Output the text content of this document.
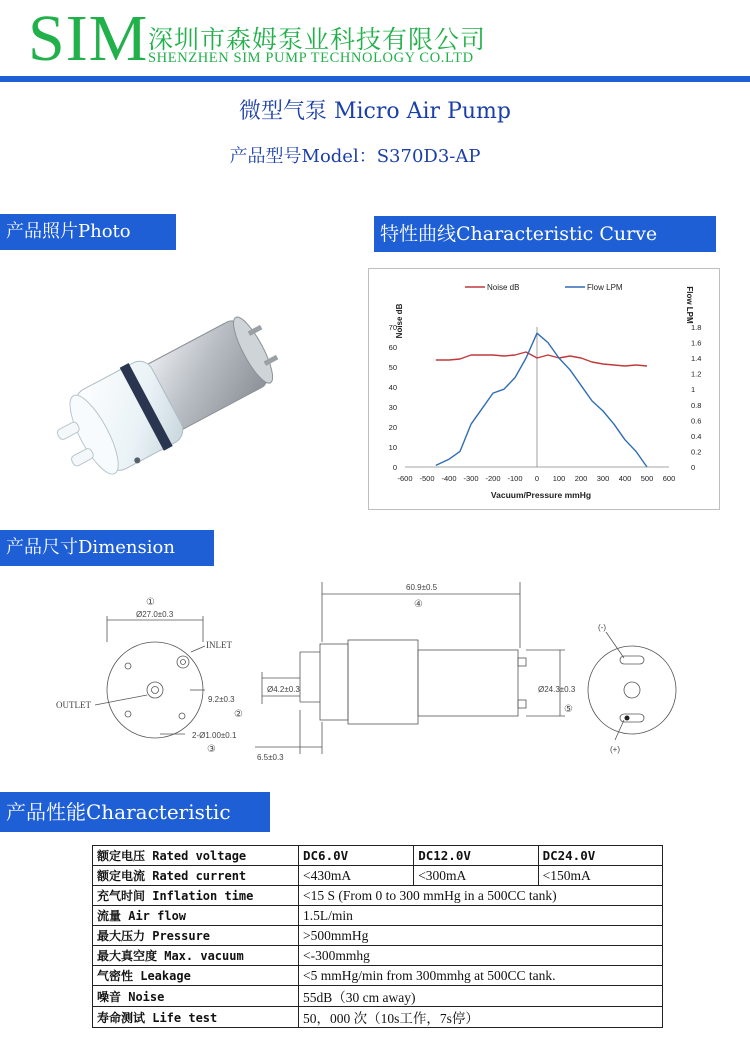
SIM 深圳市森姆泵业科技有限公司
SHENZHEN SIM PUMP TECHNOLOGY CO.LTD
微型气泵 Micro Air Pump
产品型号Model：S370D3-AP
产品照片Photo	特性曲线Characteristic Curve
产品尺寸Dimension
产品性能Characteristic
-600 -500 -400 -300 -200 -100 0 100 200 300 400 500 600
0
10
20
30
40
50
60
70
0
0.2
0.4
0.6
0.8
1
1.2
1.4
1.6
1.8
Noise dB	Flow LPM
Vacuum/Pressure mmHg
Noise dB	Flow LPM
Ø27.0±0.3
①
INLET
OUTLET
9.2±0.3
②
2-Ø1.00±0.1
③
60.9±0.5
④
Ø4.2±0.3
6.5±0.3
Ø24.3±0.3
⑤
(-)
(+)
额定电压 Rated voltage	DC6.0V	DC12.0V	DC24.0V
额定电流 Rated current	<430mA	<300mA	<150mA
充气时间 Inflation time	<15 S (From 0 to 300 mmHg in a 500CC tank)		
流量 Air flow	1.5L/min		
最大压力 Pressure	>500mmHg		
最大真空度 Max. vacuum	<-300mmhg		
气密性 Leakage	<5 mmHg/min from 300mmhg at 500CC tank.		
噪音 Noise	55dB（30 cm away)		
寿命测试 Life test	50，000 次（10s工作，7s停）		
